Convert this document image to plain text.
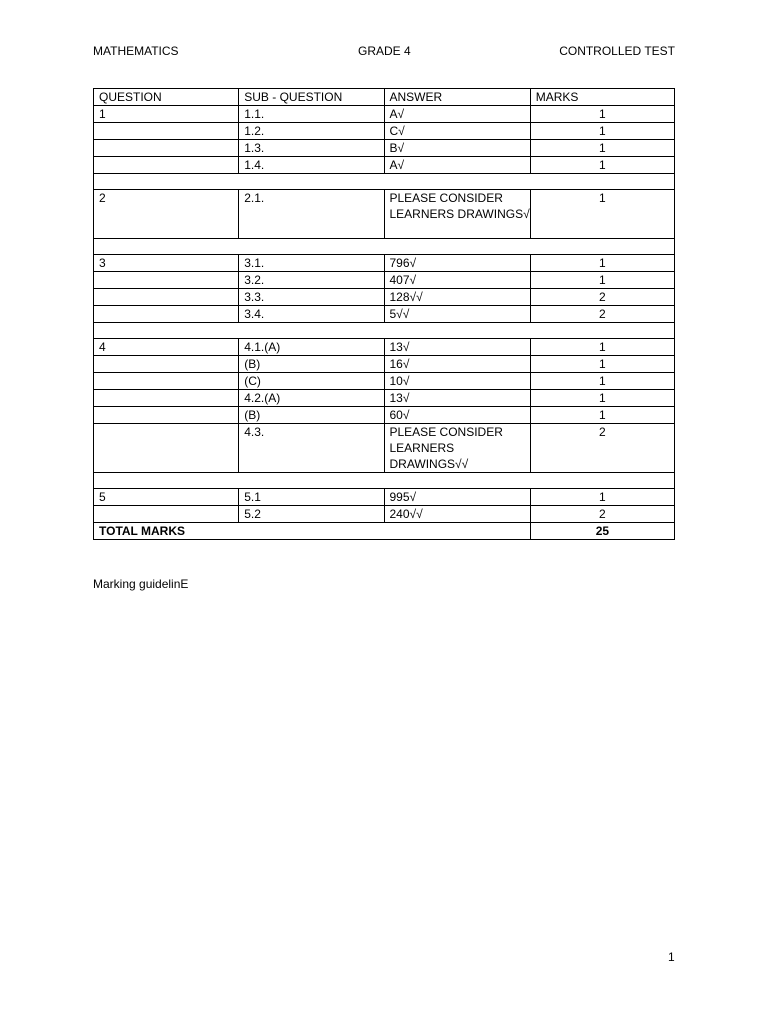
MATHEMATICS	GRADE 4	CONTROLLED TEST
QUESTION	SUB - QUESTION	ANSWER	MARKS
1	1.1.	A√	1
	1.2.	C√	1
	1.3.	B√	1
	1.4.	A√	1

2	2.1.	PLEASE CONSIDER LEARNERS DRAWINGS√	1

3	3.1.	796√	1
	3.2.	407√	1
	3.3.	128√√	2
	3.4.	5√√	2

4	4.1.(A)	13√	1
	(B)	16√	1
	(C)	10√	1
	4.2.(A)	13√	1
	(B)	60√	1
	4.3.	PLEASE CONSIDER LEARNERS DRAWINGS√√	2

5	5.1	995√	1
	5.2	240√√	2
TOTAL MARKS			25
Marking guidelinE
1
